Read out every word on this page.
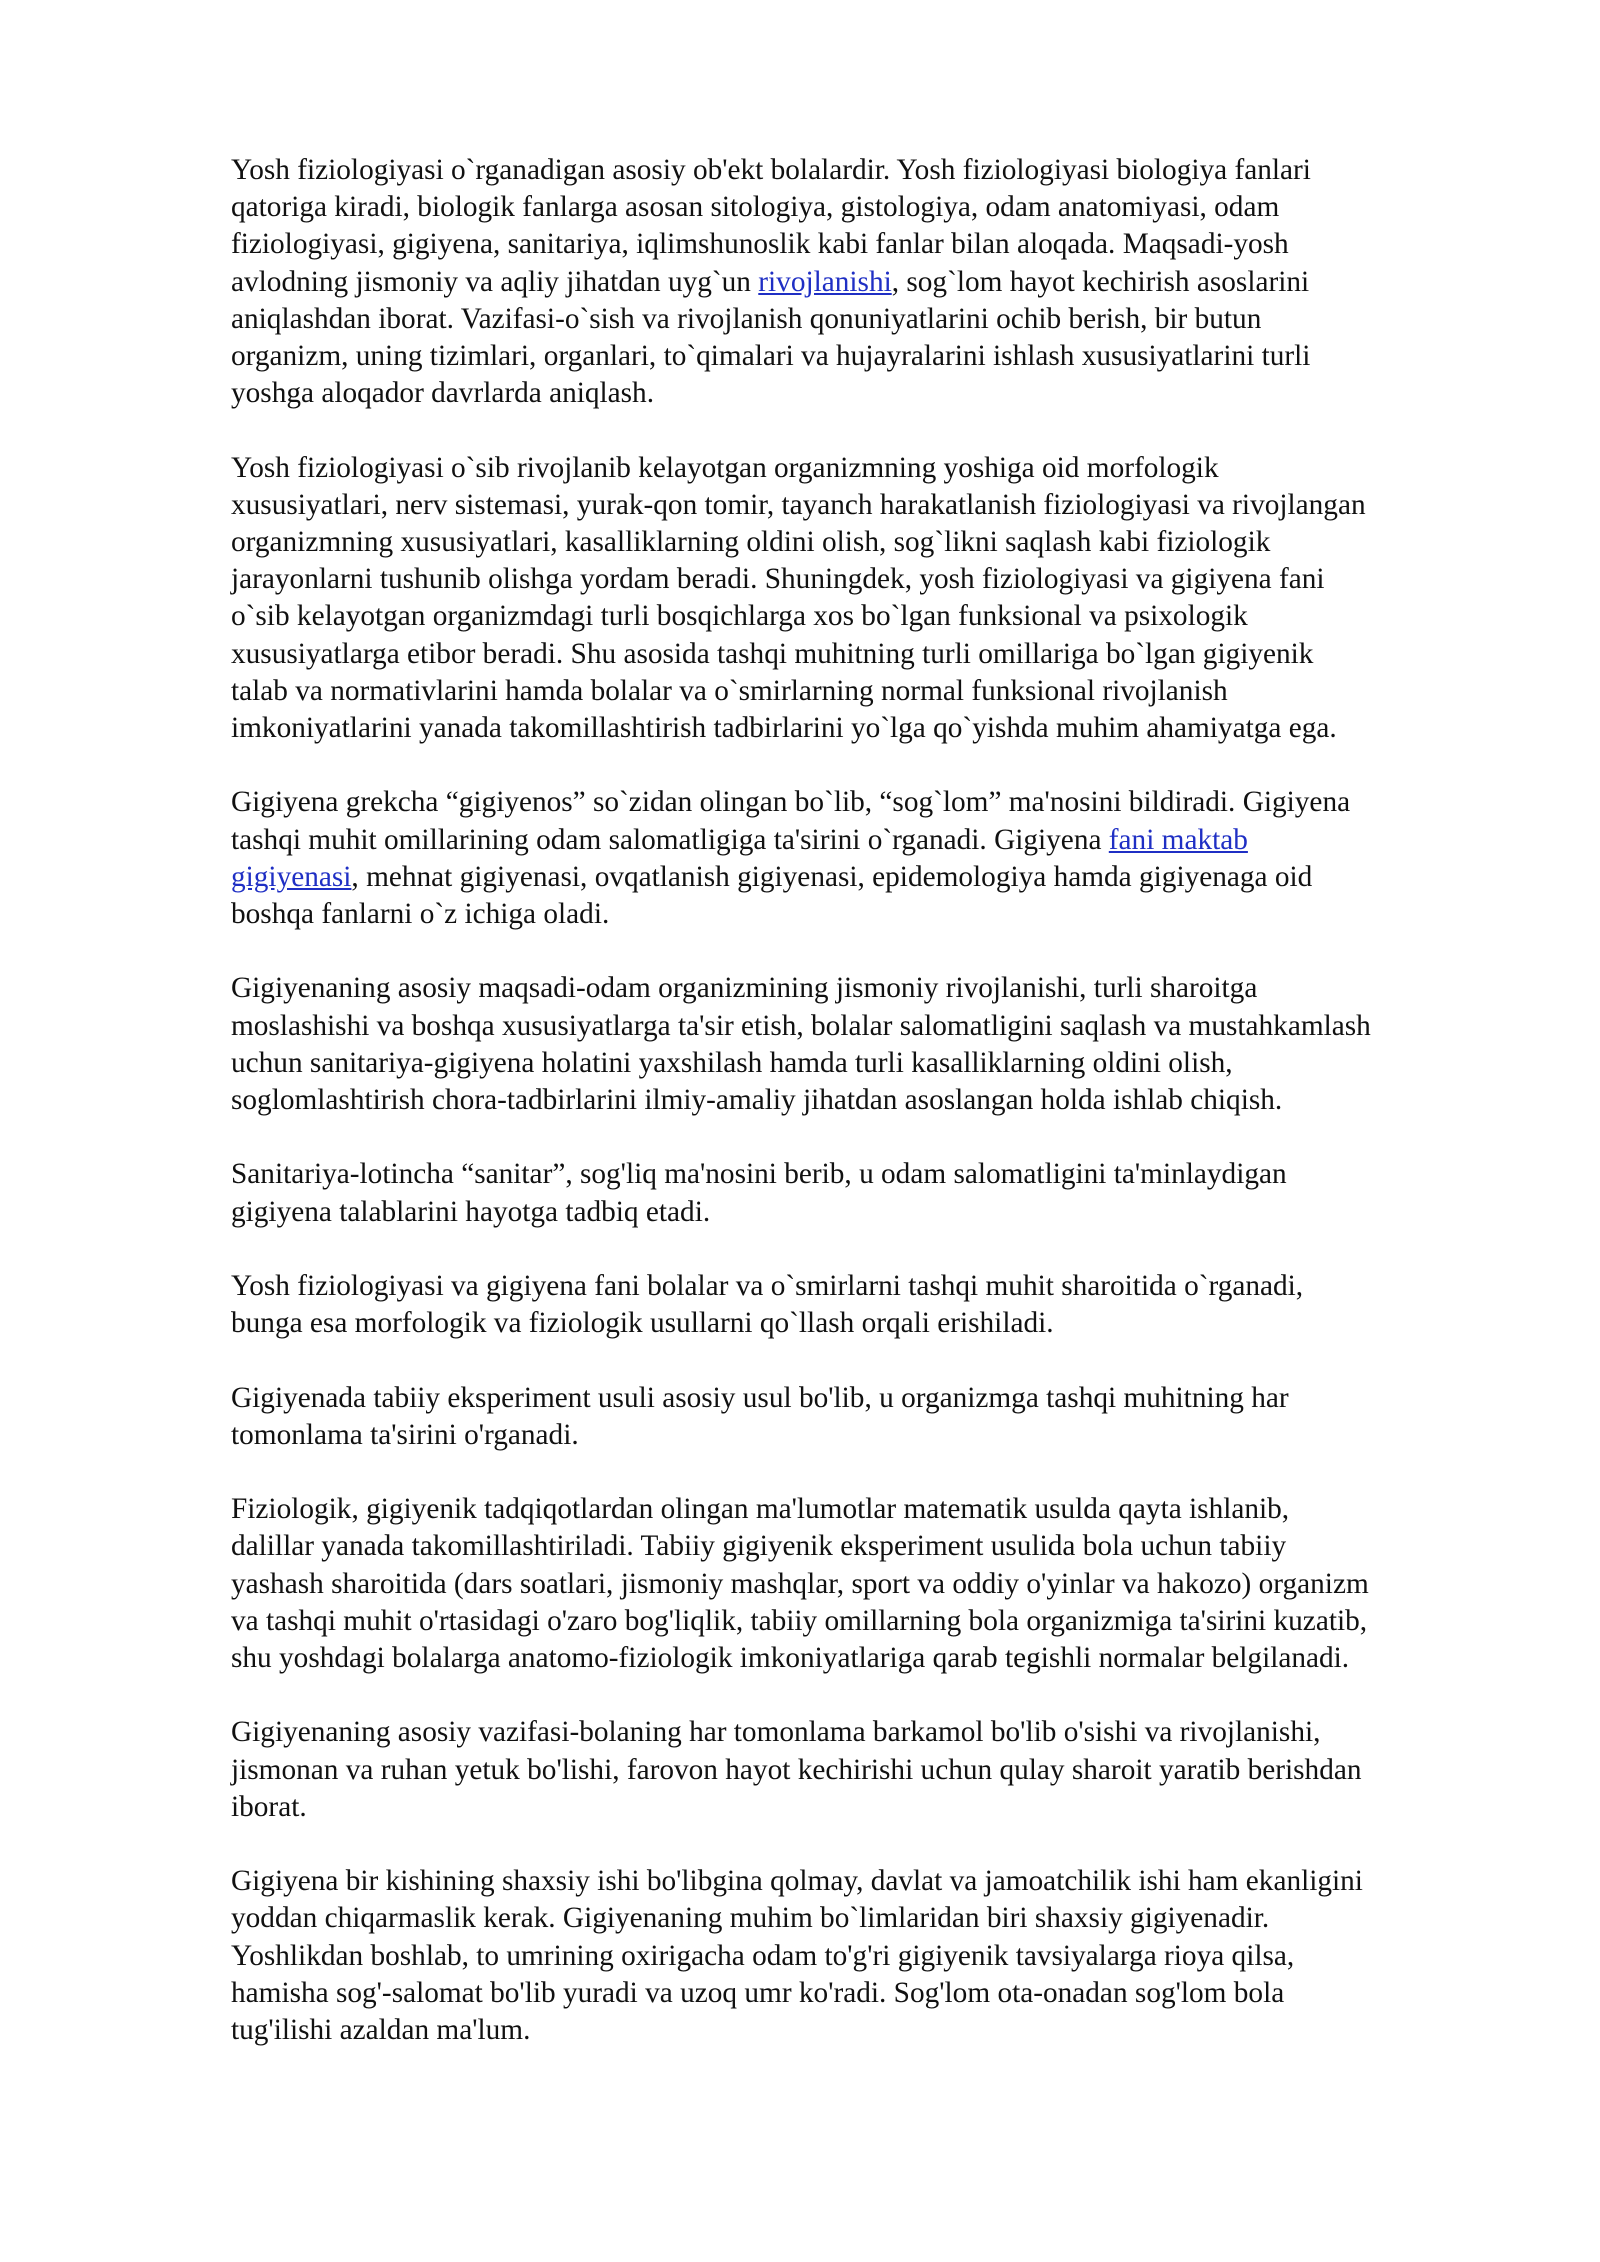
Yosh fiziologiyasi o`rganadigan asosiy ob'ekt bolalardir. Yosh fiziologiyasi biologiya fanlari
qatoriga kiradi, biologik fanlarga asosan sitologiya, gistologiya, odam anatomiyasi, odam
fiziologiyasi, gigiyena, sanitariya, iqlimshunoslik kabi fanlar bilan aloqada. Maqsadi-yosh
avlodning jismoniy va aqliy jihatdan uyg`un rivojlanishi, sog`lom hayot kechirish asoslarini
aniqlashdan iborat. Vazifasi-o`sish va rivojlanish qonuniyatlarini ochib berish, bir butun
organizm, uning tizimlari, organlari, to`qimalari va hujayralarini ishlash xususiyatlarini turli
yoshga aloqador davrlarda aniqlash.

Yosh fiziologiyasi o`sib rivojlanib kelayotgan organizmning yoshiga oid morfologik
xususiyatlari, nerv sistemasi, yurak-qon tomir, tayanch harakatlanish fiziologiyasi va rivojlangan
organizmning xususiyatlari, kasalliklarning oldini olish, sog`likni saqlash kabi fiziologik
jarayonlarni tushunib olishga yordam beradi. Shuningdek, yosh fiziologiyasi va gigiyena fani
o`sib kelayotgan organizmdagi turli bosqichlarga xos bo`lgan funksional va psixologik
xususiyatlarga etibor beradi. Shu asosida tashqi muhitning turli omillariga bo`lgan gigiyenik
talab va normativlarini hamda bolalar va o`smirlarning normal funksional rivojlanish
imkoniyatlarini yanada takomillashtirish tadbirlarini yo`lga qo`yishda muhim ahamiyatga ega.

Gigiyena grekcha “gigiyenos” so`zidan olingan bo`lib, “sog`lom” ma'nosini bildiradi. Gigiyena
tashqi muhit omillarining odam salomatligiga ta'sirini o`rganadi. Gigiyena fani maktab
gigiyenasi, mehnat gigiyenasi, ovqatlanish gigiyenasi, epidemologiya hamda gigiyenaga oid
boshqa fanlarni o`z ichiga oladi.

Gigiyenaning asosiy maqsadi-odam organizmining jismoniy rivojlanishi, turli sharoitga
moslashishi va boshqa xususiyatlarga ta'sir etish, bolalar salomatligini saqlash va mustahkamlash
uchun sanitariya-gigiyena holatini yaxshilash hamda turli kasalliklarning oldini olish,
soglomlashtirish chora-tadbirlarini ilmiy-amaliy jihatdan asoslangan holda ishlab chiqish.

Sanitariya-lotincha “sanitar”, sog'liq ma'nosini berib, u odam salomatligini ta'minlaydigan
gigiyena talablarini hayotga tadbiq etadi.

Yosh fiziologiyasi va gigiyena fani bolalar va o`smirlarni tashqi muhit sharoitida o`rganadi,
bunga esa morfologik va fiziologik usullarni qo`llash orqali erishiladi.

Gigiyenada tabiiy eksperiment usuli asosiy usul bo'lib, u organizmga tashqi muhitning har
tomonlama ta'sirini o'rganadi.

Fiziologik, gigiyenik tadqiqotlardan olingan ma'lumotlar matematik usulda qayta ishlanib,
dalillar yanada takomillashtiriladi. Tabiiy gigiyenik eksperiment usulida bola uchun tabiiy
yashash sharoitida (dars soatlari, jismoniy mashqlar, sport va oddiy o'yinlar va hakozo) organizm
va tashqi muhit o'rtasidagi o'zaro bog'liqlik, tabiiy omillarning bola organizmiga ta'sirini kuzatib,
shu yoshdagi bolalarga anatomo-fiziologik imkoniyatlariga qarab tegishli normalar belgilanadi.

Gigiyenaning asosiy vazifasi-bolaning har tomonlama barkamol bo'lib o'sishi va rivojlanishi,
jismonan va ruhan yetuk bo'lishi, farovon hayot kechirishi uchun qulay sharoit yaratib berishdan
iborat.

Gigiyena bir kishining shaxsiy ishi bo'libgina qolmay, davlat va jamoatchilik ishi ham ekanligini
yoddan chiqarmaslik kerak. Gigiyenaning muhim bo`limlaridan biri shaxsiy gigiyenadir.
Yoshlikdan boshlab, to umrining oxirigacha odam to'g'ri gigiyenik tavsiyalarga rioya qilsa,
hamisha sog'-salomat bo'lib yuradi va uzoq umr ko'radi. Sog'lom ota-onadan sog'lom bola
tug'ilishi azaldan ma'lum.
